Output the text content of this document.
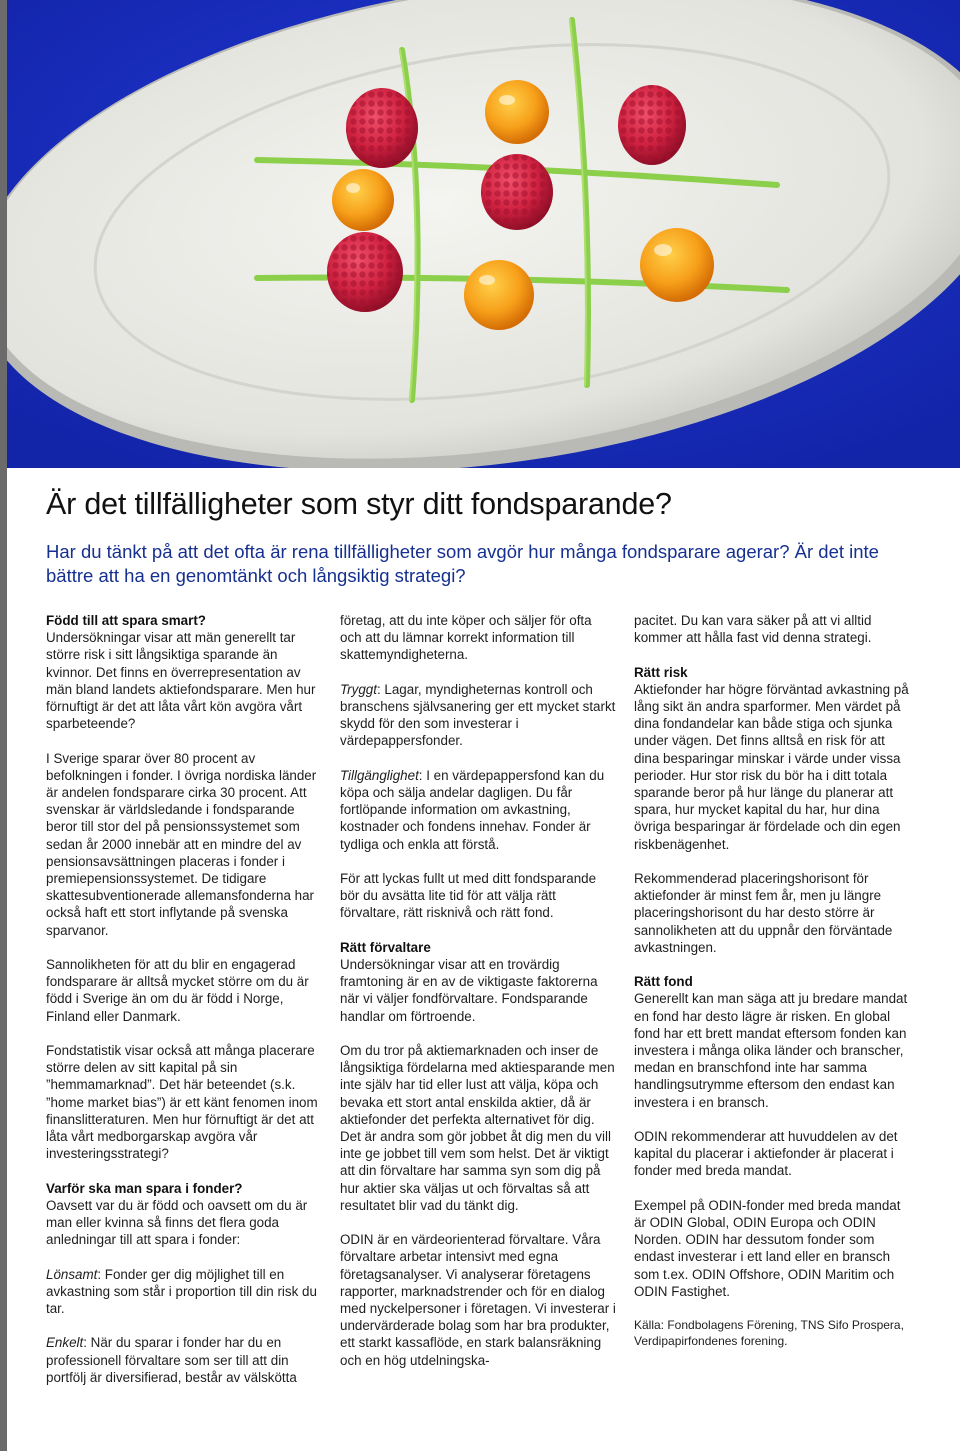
Är det tillfälligheter som styr ditt fondsparande?

Har du tänkt på att det ofta är rena tillfälligheter som avgör hur många fondsparare agerar? Är det inte bättre att ha en genomtänkt och långsiktig strategi?

Född till att spara smart?

Undersökningar visar att män generellt tar större risk i sitt långsiktiga sparande än kvinnor. Det finns en överrepresentation av män bland landets aktiefondsparare. Men hur förnuftigt är det att låta vårt kön avgöra vårt sparbeteende?

I Sverige sparar över 80 procent av befolkningen i fonder. I övriga nordiska länder är andelen fondsparare cirka 30 procent. Att svenskar är världsledande i fondsparande beror till stor del på pensionssystemet som sedan år 2000 innebär att en mindre del av pensionsavsättningen placeras i fonder i premiepensionssystemet. De tidigare skattesubventionerade allemansfonderna har också haft ett stort inflytande på svenska sparvanor.

Sannolikheten för att du blir en engagerad fondsparare är alltså mycket större om du är född i Sverige än om du är född i Norge, Finland eller Danmark.

Fondstatistik visar också att många placerare större delen av sitt kapital på sin ”hemmamarknad”. Det här beteendet (s.k. ”home market bias”) är ett känt fenomen inom finanslitteraturen. Men hur förnuftigt är det att låta vårt medborgarskap avgöra vår investeringsstrategi?

Varför ska man spara i fonder?

Oavsett var du är född och oavsett om du är man eller kvinna så finns det flera goda anledningar till att spara i fonder:

Lönsamt: Fonder ger dig möjlighet till en avkastning som står i proportion till din risk du tar.

Enkelt: När du sparar i fonder har du en professionell förvaltare som ser till att din portfölj är diversifierad, består av välskötta

företag, att du inte köper och säljer för ofta och att du lämnar korrekt information till skattemyndigheterna.

Tryggt: Lagar, myndigheternas kontroll och branschens självsanering ger ett mycket starkt skydd för den som investerar i värdepappersfonder.

Tillgänglighet: I en värdepappersfond kan du köpa och sälja andelar dagligen. Du får fortlöpande information om avkastning, kostnader och fondens innehav. Fonder är tydliga och enkla att förstå.

För att lyckas fullt ut med ditt fondsparande bör du avsätta lite tid för att välja rätt förvaltare, rätt risknivå och rätt fond.

Rätt förvaltare

Undersökningar visar att en trovärdig framtoning är en av de viktigaste faktorerna när vi väljer fondförvaltare. Fondsparande handlar om förtroende.

Om du tror på aktiemarknaden och inser de långsiktiga fördelarna med aktiesparande men inte själv har tid eller lust att välja, köpa och bevaka ett stort antal enskilda aktier, då är aktiefonder det perfekta alternativet för dig. Det är andra som gör jobbet åt dig men du vill inte ge jobbet till vem som helst. Det är viktigt att din förvaltare har samma syn som dig på hur aktier ska väljas ut och förvaltas så att resultatet blir vad du tänkt dig.

ODIN är en värdeorienterad förvaltare. Våra förvaltare arbetar intensivt med egna företagsanalyser. Vi analyserar företagens rapporter, marknadstrender och för en dialog med nyckelpersoner i företagen. Vi investerar i undervärderade bolag som har bra produkter, ett starkt kassaflöde, en stark balansräkning och en hög utdelningska-

pacitet. Du kan vara säker på att vi alltid kommer att hålla fast vid denna strategi.

Rätt risk

Aktiefonder har högre förväntad avkastning på lång sikt än andra sparformer. Men värdet på dina fondandelar kan både stiga och sjunka under vägen. Det finns alltså en risk för att dina besparingar minskar i värde under vissa perioder. Hur stor risk du bör ha i ditt totala sparande beror på hur länge du planerar att spara, hur mycket kapital du har, hur dina övriga besparingar är fördelade och din egen riskbenägenhet.

Rekommenderad placeringshorisont för aktiefonder är minst fem år, men ju längre placeringshorisont du har desto större är sannolikheten att du uppnår den förväntade avkastningen.

Rätt fond

Generellt kan man säga att ju bredare mandat en fond har desto lägre är risken. En global fond har ett brett mandat eftersom fonden kan investera i många olika länder och branscher, medan en branschfond inte har samma handlingsutrymme eftersom den endast kan investera i en bransch.

ODIN rekommenderar att huvuddelen av det kapital du placerar i aktiefonder är placerat i fonder med breda mandat.

Exempel på ODIN-fonder med breda mandat är ODIN Global, ODIN Europa och ODIN Norden. ODIN har dessutom fonder som endast investerar i ett land eller en bransch som t.ex. ODIN Offshore, ODIN Maritim och ODIN Fastighet.

Källa: Fondbolagens Förening, TNS Sifo Prospera, Verdipapirfondenes forening.
